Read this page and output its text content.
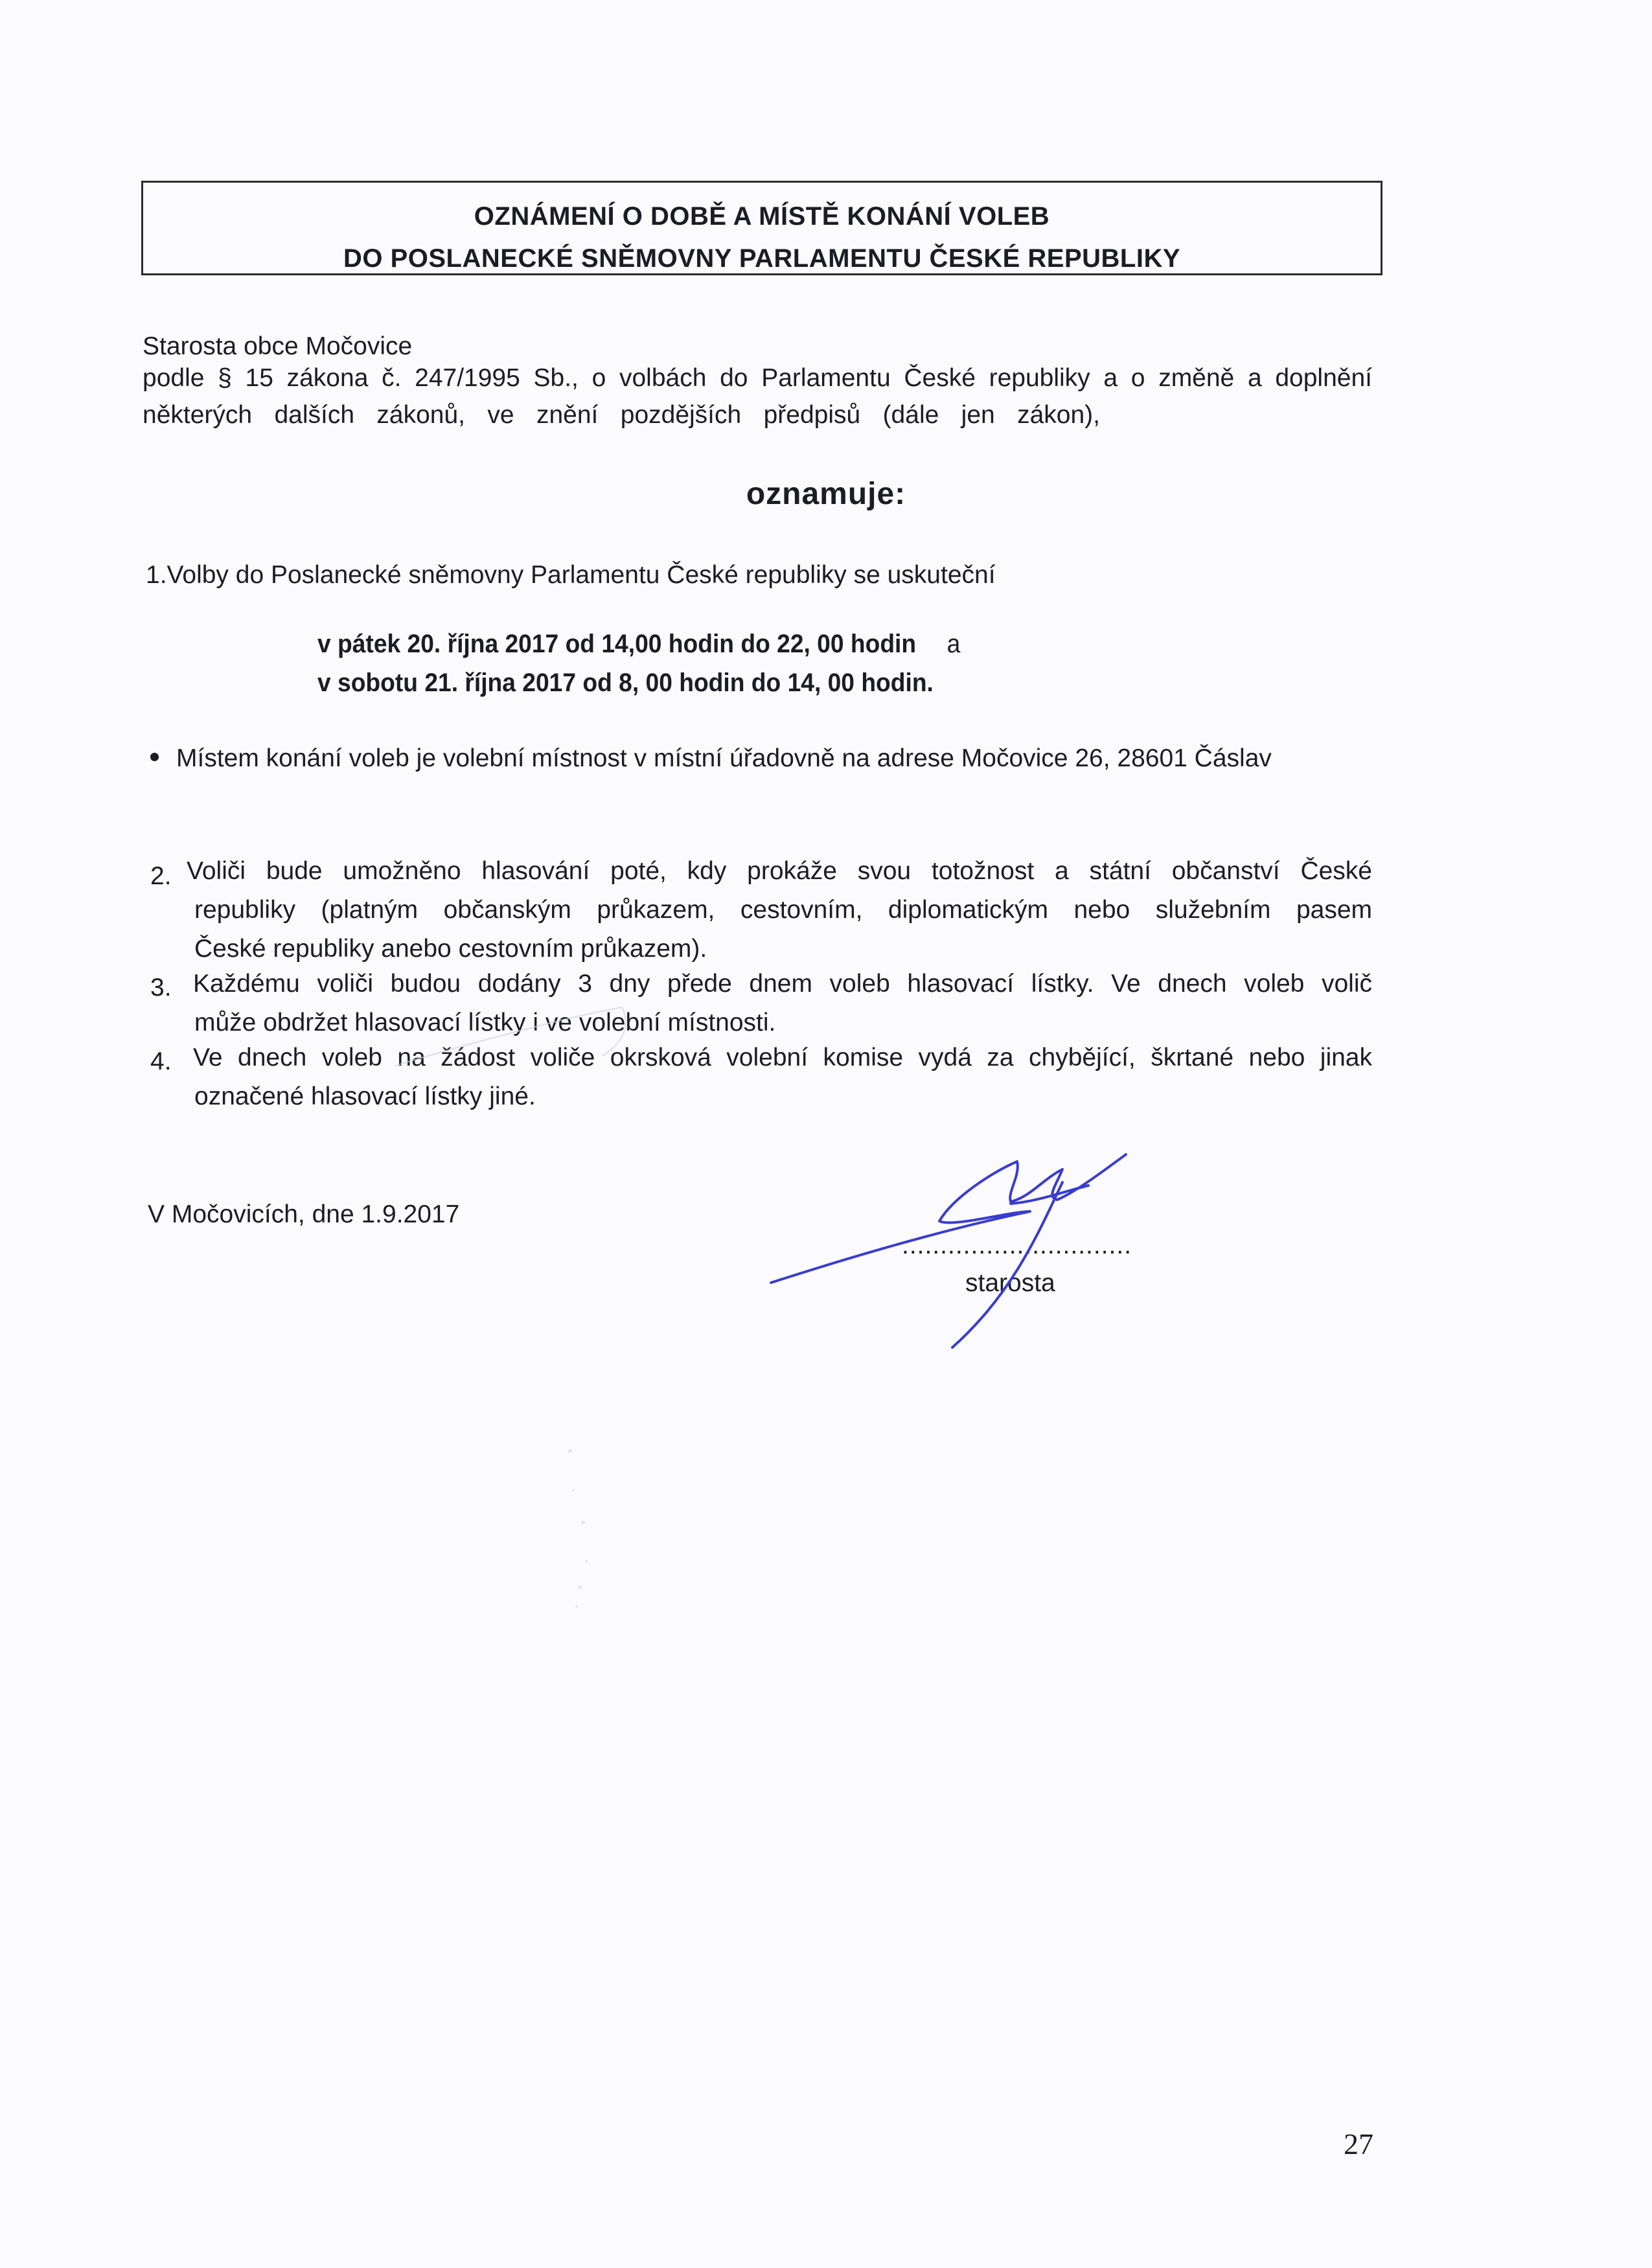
OZNÁMENÍ O DOBĚ A MÍSTĚ KONÁNÍ VOLEB
DO POSLANECKÉ SNĚMOVNY PARLAMENTU ČESKÉ REPUBLIKY
Starosta obce Močovice
podle § 15 zákona č. 247/1995 Sb., o volbách do Parlamentu České republiky a o změně a doplnění
některých dalších zákonů, ve znění pozdějších předpisů (dále jen zákon),
oznamuje:
1.Volby do Poslanecké sněmovny Parlamentu České republiky se uskuteční
v pátek 20. října 2017 od 14,00 hodin do 22, 00 hodin a
v sobotu 21. října 2017 od 8, 00 hodin do 14, 00 hodin.
Místem konání voleb je volební místnost v místní úřadovně na adrese Močovice 26, 28601 Čáslav
2. Voliči bude umožněno hlasování poté, kdy prokáže svou totožnost a státní občanství České
republiky (platným občanským průkazem, cestovním, diplomatickým nebo služebním pasem
České republiky anebo cestovním průkazem).
3. Každému voliči budou dodány 3 dny přede dnem voleb hlasovací lístky. Ve dnech voleb volič
může obdržet hlasovací lístky i ve volební místnosti.
4. Ve dnech voleb na žádost voliče okrsková volební komise vydá za chybějící, škrtané nebo jinak
označené hlasovací lístky jiné.
V Močovicích, dne 1.9.2017
..............................
starosta
27
